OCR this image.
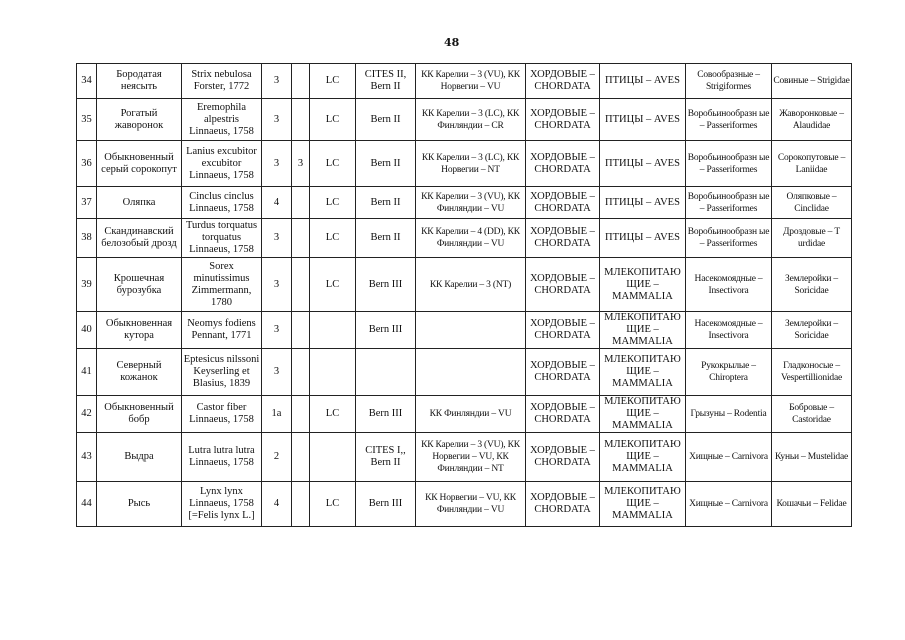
48
34	Бородатая неясыть	Strix nebulosa Forster, 1772	3		LC	CITES II, Bern II	КК Карелии – 3 (VU), КК Норвегии – VU	ХОРДОВЫЕ – CHORDATA	ПТИЦЫ – AVES	Совообразные – Strigiformes	Совиные – Strigidae
35	Рогатый жаворонок	Eremophila alpestris Linnaeus, 1758	3		LC	Bern II	КК Карелии – 3 (LC), КК Финляндии – CR	ХОРДОВЫЕ – CHORDATA	ПТИЦЫ – AVES	Воробьинообразн ые – Passeriformes	Жаворонковые – Alaudidae
36	Обыкновенный серый сорокопут	Lanius excubitor excubitor Linnaeus, 1758	3	3	LC	Bern II	КК Карелии – 3 (LC), КК Норвегии – NT	ХОРДОВЫЕ – CHORDATA	ПТИЦЫ – AVES	Воробьинообразн ые – Passeriformes	Сорокопутовые – Laniidae
37	Оляпка	Cinclus cinclus Linnaeus, 1758	4		LC	Bern II	КК Карелии – 3 (VU), КК Финляндии – VU	ХОРДОВЫЕ – CHORDATA	ПТИЦЫ – AVES	Воробьинообразн ые – Passeriformes	Оляпковые – Cinclidae
38	Скандинавский белозобый дрозд	Turdus torquatus torquatus Linnaeus, 1758	3		LC	Bern II	КК Карелии – 4 (DD), КК Финляндии – VU	ХОРДОВЫЕ – CHORDATA	ПТИЦЫ – AVES	Воробьинообразн ые – Passeriformes	Дроздовые – T urdidae
39	Крошечная бурозубка	Sorex minutissimus Zimmermann, 1780	3		LC	Bern III	КК Карелии – 3 (NT)	ХОРДОВЫЕ – CHORDATA	МЛЕКОПИТАЮ ЩИЕ – MAMMALIA	Насекомоядные – Insectivora	Землеройки – Soricidae
40	Обыкновенная кутора	Neomys fodiens Pennant, 1771	3			Bern III		ХОРДОВЫЕ – CHORDATA	МЛЕКОПИТАЮ ЩИЕ – MAMMALIA	Насекомоядные – Insectivora	Землеройки – Soricidae
41	Северный кожанок	Eptesicus nilssoni Keyserling et Blasius, 1839	3					ХОРДОВЫЕ – CHORDATA	МЛЕКОПИТАЮ ЩИЕ – MAMMALIA	Рукокрылые – Chiroptera	Гладконосые – Vespertillionidae
42	Обыкновенный бобр	Castor fiber Linnaeus, 1758	1а		LC	Bern III	КК Финляндии – VU	ХОРДОВЫЕ – CHORDATA	МЛЕКОПИТАЮ ЩИЕ – MAMMALIA	Грызуны – Rodentia	Бобровые – Castoridae
43	Выдра	Lutra lutra lutra Linnaeus, 1758	2			CITES I,, Bern II	КК Карелии – 3 (VU), КК Норвегии – VU, КК Финляндии – NT	ХОРДОВЫЕ – CHORDATA	МЛЕКОПИТАЮ ЩИЕ – MAMMALIA	Хищные – Carnivora	Куньи – Mustelidae
44	Рысь	Lynx lynx Linnaeus, 1758 [=Felis lynx L.]	4		LC	Bern III	КК Норвегии – VU, КК Финляндии – VU	ХОРДОВЫЕ – CHORDATA	МЛЕКОПИТАЮ ЩИЕ – MAMMALIA	Хищные – Carnivora	Кошачьи – Felidae
